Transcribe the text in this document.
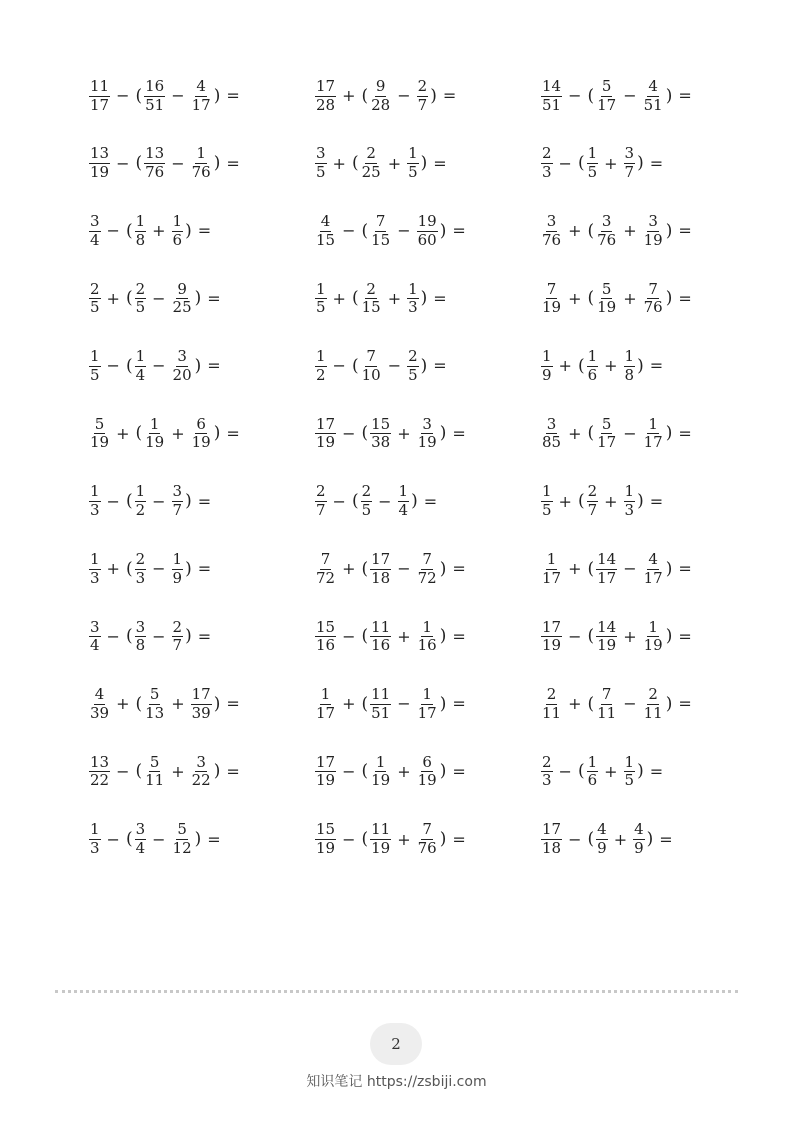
$\frac{11}{17}$ − ( $\frac{16}{51} - \frac{4}{17}$ ) =	$\frac{17}{28}$ + ( $\frac{9}{28} - \frac{2}{7}$ ) =	$\frac{14}{51}$ − ( $\frac{5}{17} - \frac{4}{51}$ ) =
$\frac{13}{19}$ − ( $\frac{13}{76} - \frac{1}{76}$ ) =	$\frac{3}{5}$ + ( $\frac{2}{25} + \frac{1}{5}$ ) =	$\frac{2}{3}$ − ( $\frac{1}{5} + \frac{3}{7}$ ) =
$\frac{3}{4}$ − ( $\frac{1}{8} + \frac{1}{6}$ ) =	$\frac{4}{15}$ − ( $\frac{7}{15} - \frac{19}{60}$ ) =	$\frac{3}{76}$ + ( $\frac{3}{76} + \frac{3}{19}$ ) =
$\frac{2}{5}$ + ( $\frac{2}{5} - \frac{9}{25}$ ) =	$\frac{1}{5}$ + ( $\frac{2}{15} + \frac{1}{3}$ ) =	$\frac{7}{19}$ + ( $\frac{5}{19} + \frac{7}{76}$ ) =
$\frac{1}{5}$ − ( $\frac{1}{4} - \frac{3}{20}$ ) =	$\frac{1}{2}$ − ( $\frac{7}{10} - \frac{2}{5}$ ) =	$\frac{1}{9}$ + ( $\frac{1}{6} + \frac{1}{8}$ ) =
$\frac{5}{19}$ + ( $\frac{1}{19} + \frac{6}{19}$ ) =	$\frac{17}{19}$ − ( $\frac{15}{38} + \frac{3}{19}$ ) =	$\frac{3}{85}$ + ( $\frac{5}{17} - \frac{1}{17}$ ) =
$\frac{1}{3}$ − ( $\frac{1}{2} - \frac{3}{7}$ ) =	$\frac{2}{7}$ − ( $\frac{2}{5} - \frac{1}{4}$ ) =	$\frac{1}{5}$ + ( $\frac{2}{7} + \frac{1}{3}$ ) =
$\frac{1}{3}$ + ( $\frac{2}{3} - \frac{1}{9}$ ) =	$\frac{7}{72}$ + ( $\frac{17}{18} - \frac{7}{72}$ ) =	$\frac{1}{17}$ + ( $\frac{14}{17} - \frac{4}{17}$ ) =
$\frac{3}{4}$ − ( $\frac{3}{8} - \frac{2}{7}$ ) =	$\frac{15}{16}$ − ( $\frac{11}{16} + \frac{1}{16}$ ) =	$\frac{17}{19}$ − ( $\frac{14}{19} + \frac{1}{19}$ ) =
$\frac{4}{39}$ + ( $\frac{5}{13} + \frac{17}{39}$ ) =	$\frac{1}{17}$ + ( $\frac{11}{51} - \frac{1}{17}$ ) =	$\frac{2}{11}$ + ( $\frac{7}{11} - \frac{2}{11}$ ) =
$\frac{13}{22}$ − ( $\frac{5}{11} + \frac{3}{22}$ ) =	$\frac{17}{19}$ − ( $\frac{1}{19} + \frac{6}{19}$ ) =	$\frac{2}{3}$ − ( $\frac{1}{6} + \frac{1}{5}$ ) =
$\frac{1}{3}$ − ( $\frac{3}{4} - \frac{5}{12}$ ) =	$\frac{15}{19}$ − ( $\frac{11}{19} + \frac{7}{76}$ ) =	$\frac{17}{18}$ − ( $\frac{4}{9} + \frac{4}{9}$ ) =
2
知识笔记 https://zsbiji.com
